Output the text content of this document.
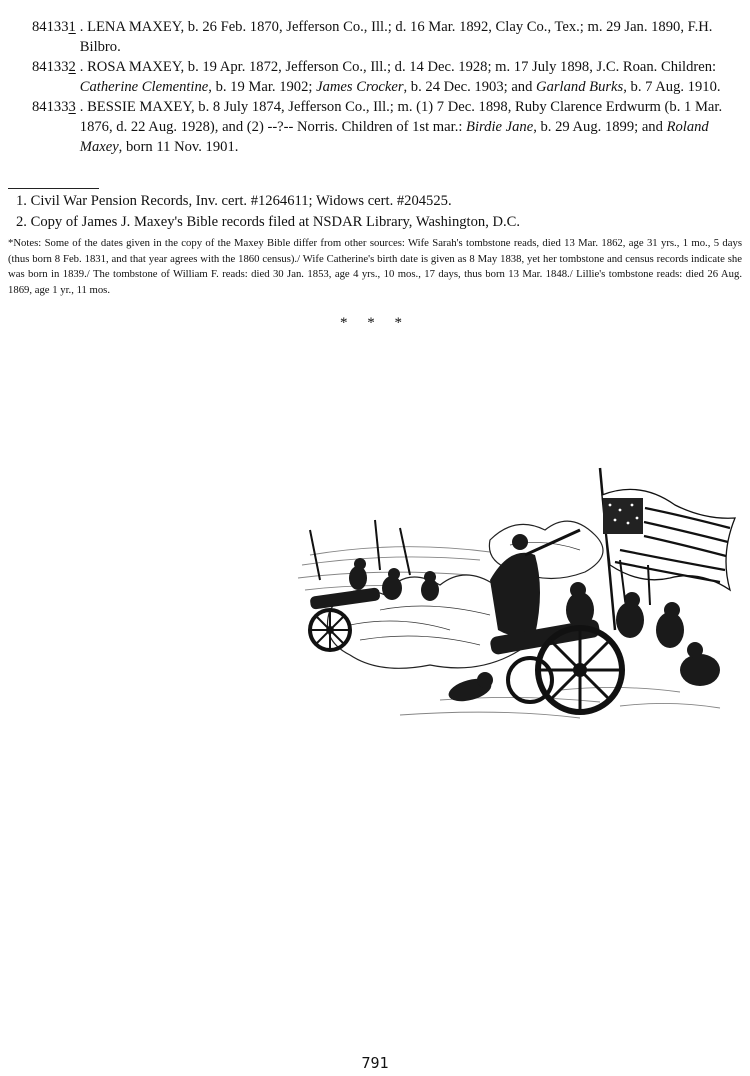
841331 . LENA MAXEY, b. 26 Feb. 1870, Jefferson Co., Ill.; d. 16 Mar. 1892, Clay Co., Tex.; m. 29 Jan. 1890, F.H. Bilbro.
841332 . ROSA MAXEY, b. 19 Apr. 1872, Jefferson Co., Ill.; d. 14 Dec. 1928; m. 17 July 1898, J.C. Roan. Children: Catherine Clementine, b. 19 Mar. 1902; James Crocker, b. 24 Dec. 1903; and Garland Burks, b. 7 Aug. 1910.
841333 . BESSIE MAXEY, b. 8 July 1874, Jefferson Co., Ill.; m. (1) 7 Dec. 1898, Ruby Clarence Erdwurm (b. 1 Mar. 1876, d. 22 Aug. 1928), and (2) --?-- Norris. Children of 1st mar.: Birdie Jane, b. 29 Aug. 1899; and Roland Maxey, born 11 Nov. 1901.
1. Civil War Pension Records, Inv. cert. #1264611; Widows cert. #204525.
2. Copy of James J. Maxey's Bible records filed at NSDAR Library, Washington, D.C.
*Notes: Some of the dates given in the copy of the Maxey Bible differ from other sources: Wife Sarah's tombstone reads, died 13 Mar. 1862, age 31 yrs., 1 mo., 5 days (thus born 8 Feb. 1831, and that year agrees with the 1860 census)./ Wife Catherine's birth date is given as 8 May 1838, yet her tombstone and census records indicate she was born in 1839./ The tombstone of William F. reads: died 30 Jan. 1853, age 4 yrs., 10 mos., 17 days, thus born 13 Mar. 1848./ Lillie's tombstone reads: died 26 Aug. 1869, age 1 yr., 11 mos.
* * *
791
